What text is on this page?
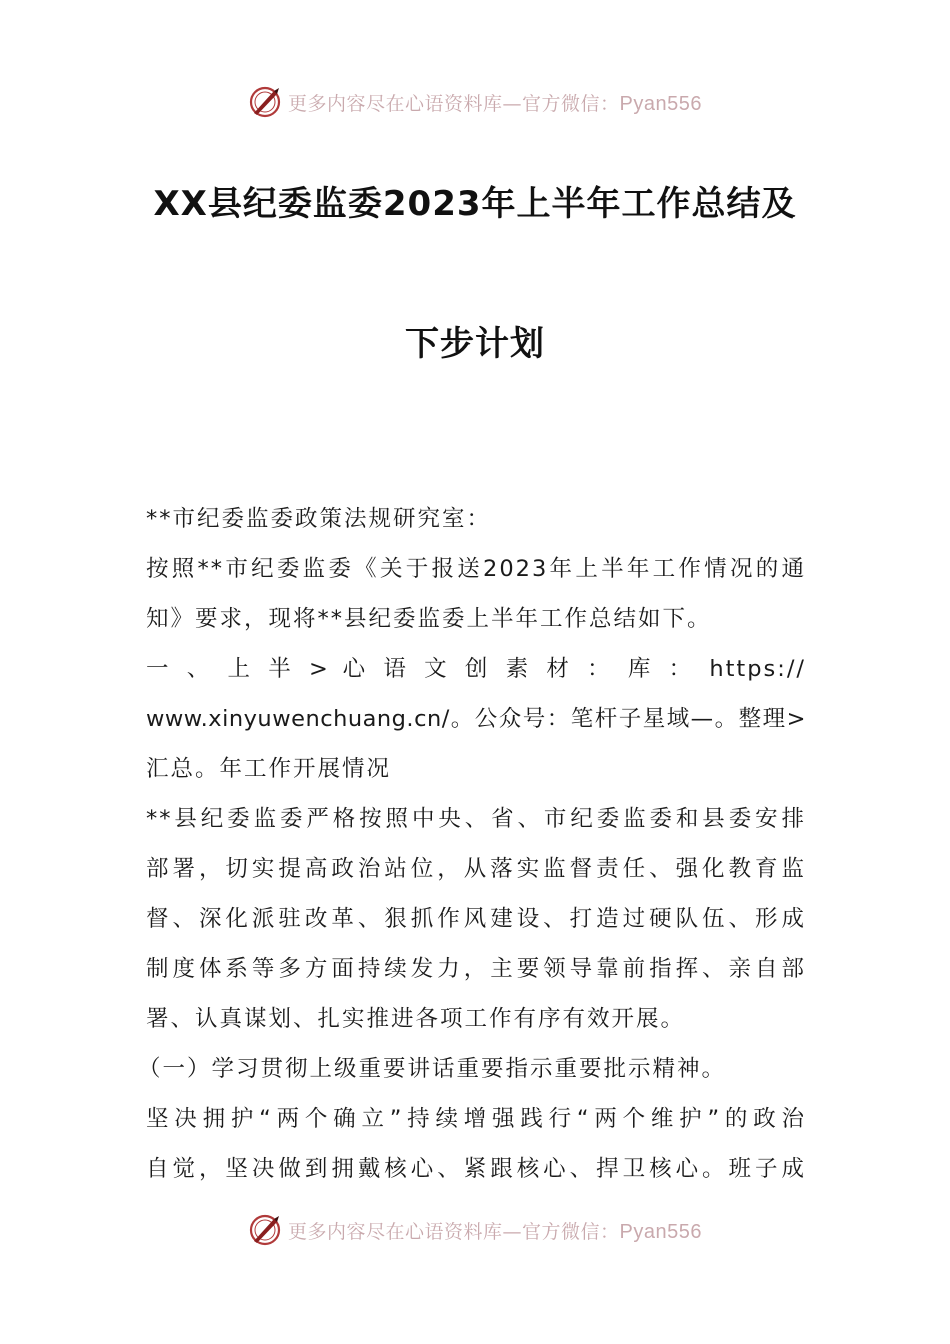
更多内容尽在心语资料库—官方微信：Pyan556
XX县纪委监委2023年上半年工作总结及
下步计划
**市纪委监委政策法规研究室：
按照**市纪委监委《关于报送2023年上半年工作情况的通
知》要求，现将**县纪委监委上半年工作总结如下。
一 、 上 半 > 心 语 文 创 素 材 ： 库 ： https://
www.xinyuwenchuang.cn/。公众号：笔杆子星域—。整理>
汇总。年工作开展情况
**县纪委监委严格按照中央、省、市纪委监委和县委安排
部署，切实提高政治站位，从落实监督责任、强化教育监
督、深化派驻改革、狠抓作风建设、打造过硬队伍、形成
制度体系等多方面持续发力，主要领导靠前指挥、亲自部
署、认真谋划、扎实推进各项工作有序有效开展。
（一）学习贯彻上级重要讲话重要指示重要批示精神。
坚决拥护“两个确立”持续增强践行“两个维护”的政治
自觉，坚决做到拥戴核心、紧跟核心、捍卫核心。班子成
更多内容尽在心语资料库—官方微信：Pyan556
